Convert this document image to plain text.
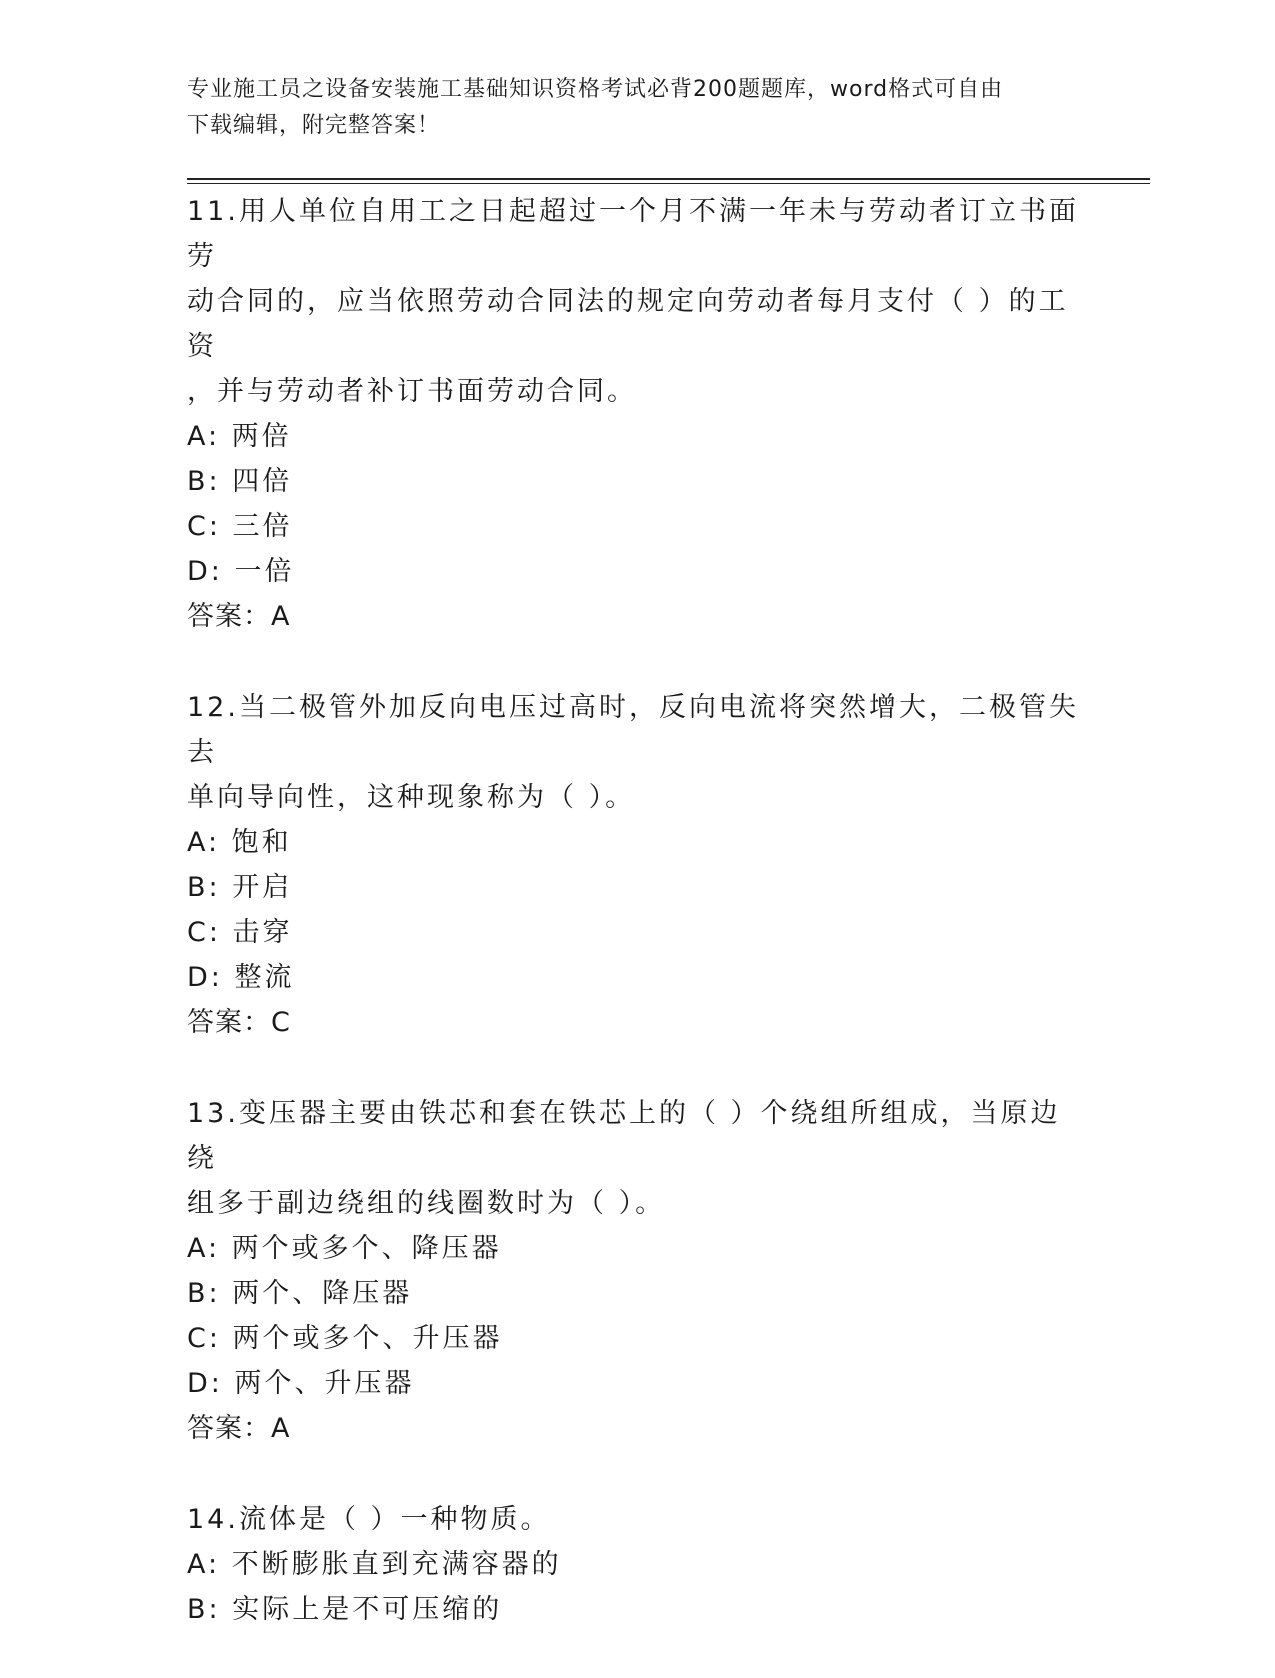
专业施工员之设备安装施工基础知识资格考试必背200题题库，word格式可自由
下载编辑，附完整答案！

11.用人单位自用工之日起超过一个月不满一年未与劳动者订立书面劳

动合同的，应当依照劳动合同法的规定向劳动者每月支付（ ）的工资

，并与劳动者补订书面劳动合同。

A: 两倍

B: 四倍

C: 三倍

D: 一倍

答案：A

12.当二极管外加反向电压过高时，反向电流将突然增大，二极管失去

单向导向性，这种现象称为（ ）。

A: 饱和

B: 开启

C: 击穿

D: 整流

答案：C

13.变压器主要由铁芯和套在铁芯上的（ ）个绕组所组成，当原边绕

组多于副边绕组的线圈数时为（ ）。

A: 两个或多个、降压器

B: 两个、降压器

C: 两个或多个、升压器

D: 两个、升压器

答案：A

14.流体是（ ）一种物质。

A: 不断膨胀直到充满容器的

B: 实际上是不可压缩的
